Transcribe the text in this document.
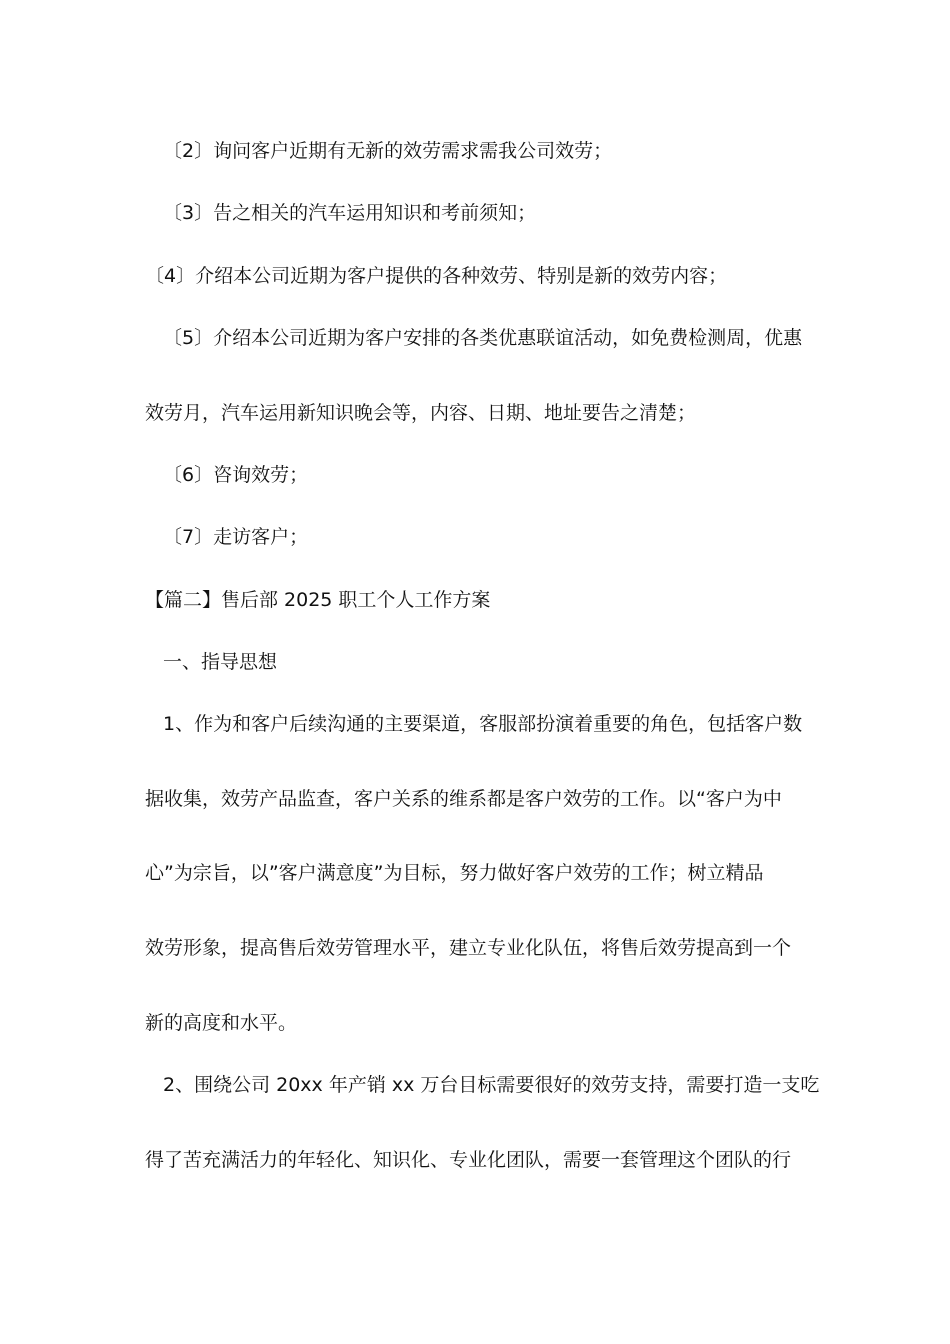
〔2〕询问客户近期有无新的效劳需求需我公司效劳；
〔3〕告之相关的汽车运用知识和考前须知；
〔4〕介绍本公司近期为客户提供的各种效劳、特别是新的效劳内容；
〔5〕介绍本公司近期为客户安排的各类优惠联谊活动，如免费检测周，优惠
效劳月，汽车运用新知识晚会等，内容、日期、地址要告之清楚；
〔6〕咨询效劳；
〔7〕走访客户；
【篇二】售后部 2025 职工个人工作方案
一、指导思想
1、作为和客户后续沟通的主要渠道，客服部扮演着重要的角色，包括客户数
据收集，效劳产品监查，客户关系的维系都是客户效劳的工作。以“客户为中
心”为宗旨，以”客户满意度”为目标，努力做好客户效劳的工作；树立精品
效劳形象，提高售后效劳管理水平，建立专业化队伍，将售后效劳提高到一个
新的高度和水平。
2、围绕公司 20xx 年产销 xx 万台目标需要很好的效劳支持，需要打造一支吃
得了苦充满活力的年轻化、知识化、专业化团队，需要一套管理这个团队的行
